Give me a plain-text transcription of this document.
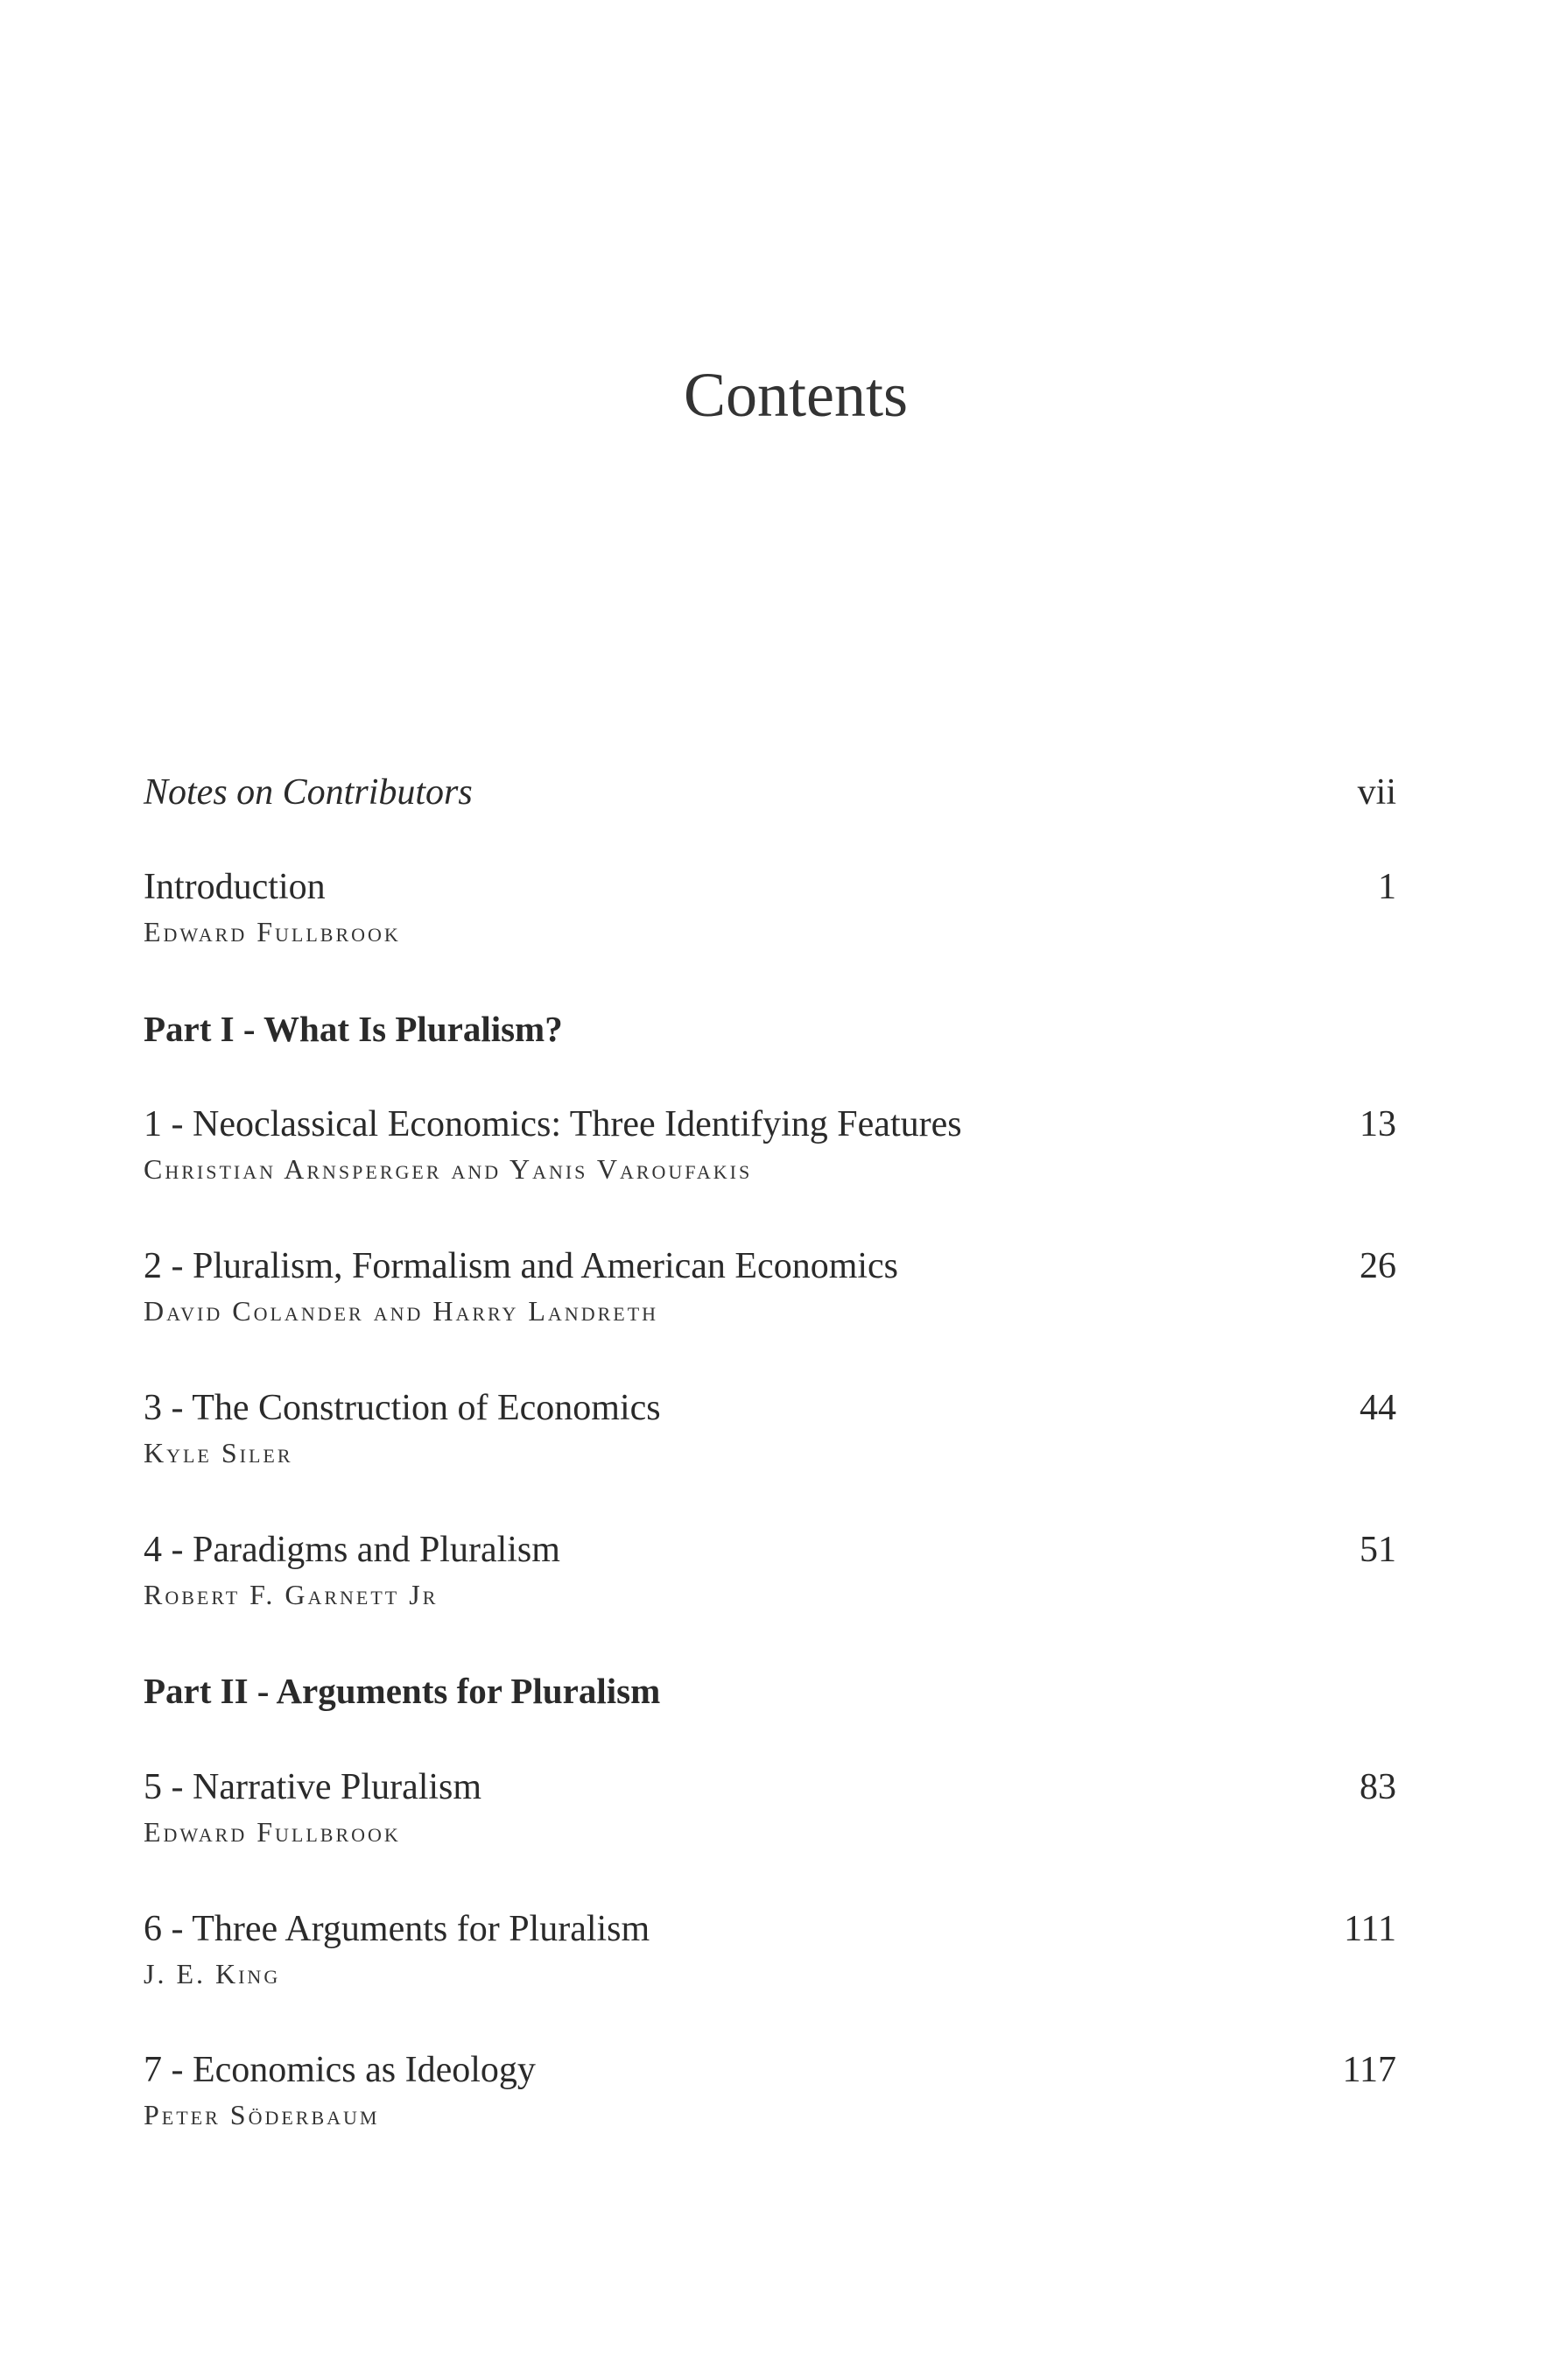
Contents
Notes on Contributors	vii
Introduction	1
Edward Fullbrook
Part I - What Is Pluralism?
1 - Neoclassical Economics: Three Identifying Features	13
Christian Arnsperger and Yanis Varoufakis
2 - Pluralism, Formalism and American Economics	26
David Colander and Harry Landreth
3 - The Construction of Economics	44
Kyle Siler
4 - Paradigms and Pluralism	51
Robert F. Garnett Jr
Part II - Arguments for Pluralism
5 - Narrative Pluralism	83
Edward Fullbrook
6 - Three Arguments for Pluralism	111
J. E. King
7 - Economics as Ideology	117
Peter Söderbaum
